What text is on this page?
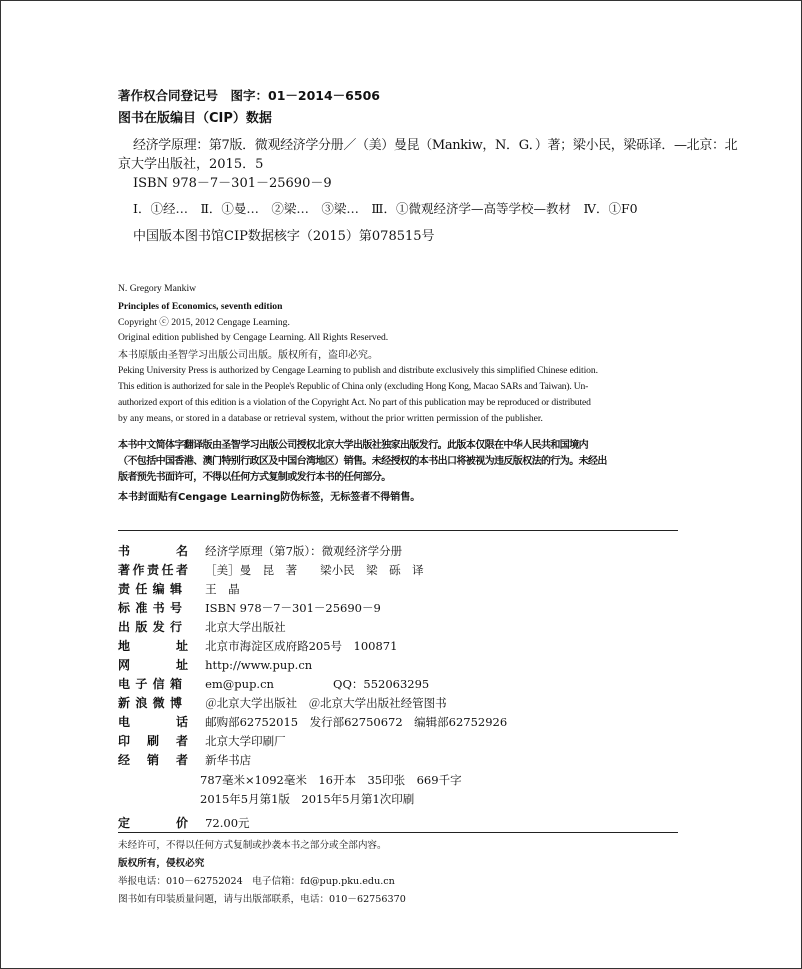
著作权合同登记号　图字：01－2014－6506
图书在版编目（CIP）数据
经济学原理：第7版．微观经济学分册／（美）曼昆（Mankiw，N．G．）著；梁小民，梁砾译．—北京：北
京大学出版社，2015．5
ISBN 978－7－301－25690－9
Ⅰ．①经…　Ⅱ．①曼…　②梁…　③梁…　Ⅲ．①微观经济学—高等学校—教材　Ⅳ．①F0
中国版本图书馆CIP数据核字（2015）第078515号
N. Gregory Mankiw
Principles of Economics, seventh edition
Copyright ⓒ 2015, 2012 Cengage Learning.
Original edition published by Cengage Learning. All Rights Reserved.
本书原版由圣智学习出版公司出版。版权所有，盗印必究。
Peking University Press is authorized by Cengage Learning to publish and distribute exclusively this simplified Chinese edition.
This edition is authorized for sale in the People's Republic of China only (excluding Hong Kong, Macao SARs and Taiwan). Un-
authorized export of this edition is a violation of the Copyright Act. No part of this publication may be reproduced or distributed
by any means, or stored in a database or retrieval system, without the prior written permission of the publisher.
本书中文简体字翻译版由圣智学习出版公司授权北京大学出版社独家出版发行。此版本仅限在中华人民共和国境内
（不包括中国香港、澳门特别行政区及中国台湾地区）销售。未经授权的本书出口将被视为违反版权法的行为。未经出
版者预先书面许可，不得以任何方式复制或发行本书的任何部分。
本书封面贴有Cengage Learning防伪标签，无标签者不得销售。
书名 经济学原理（第7版）：微观经济学分册
著作责任者 ［美］曼　昆　著　　梁小民　梁　砾　译
责任编辑 王　晶
标准书号 ISBN 978－7－301－25690－9
出版发行 北京大学出版社
地址 北京市海淀区成府路205号　100871
网址 http://www.pup.cn
电子信箱 em@pup.cn	QQ：552063295
新浪微博 ＠北京大学出版社　＠北京大学出版社经管图书
电话 邮购部62752015　发行部62750672　编辑部62752926
印刷者 北京大学印刷厂
经销者 新华书店
787毫米×1092毫米　16开本　35印张　669千字
2015年5月第1版　2015年5月第1次印刷
定价 72.00元
未经许可，不得以任何方式复制或抄袭本书之部分或全部内容。
版权所有，侵权必究
举报电话：010－62752024　电子信箱：fd@pup.pku.edu.cn
图书如有印装质量问题，请与出版部联系，电话：010－62756370
